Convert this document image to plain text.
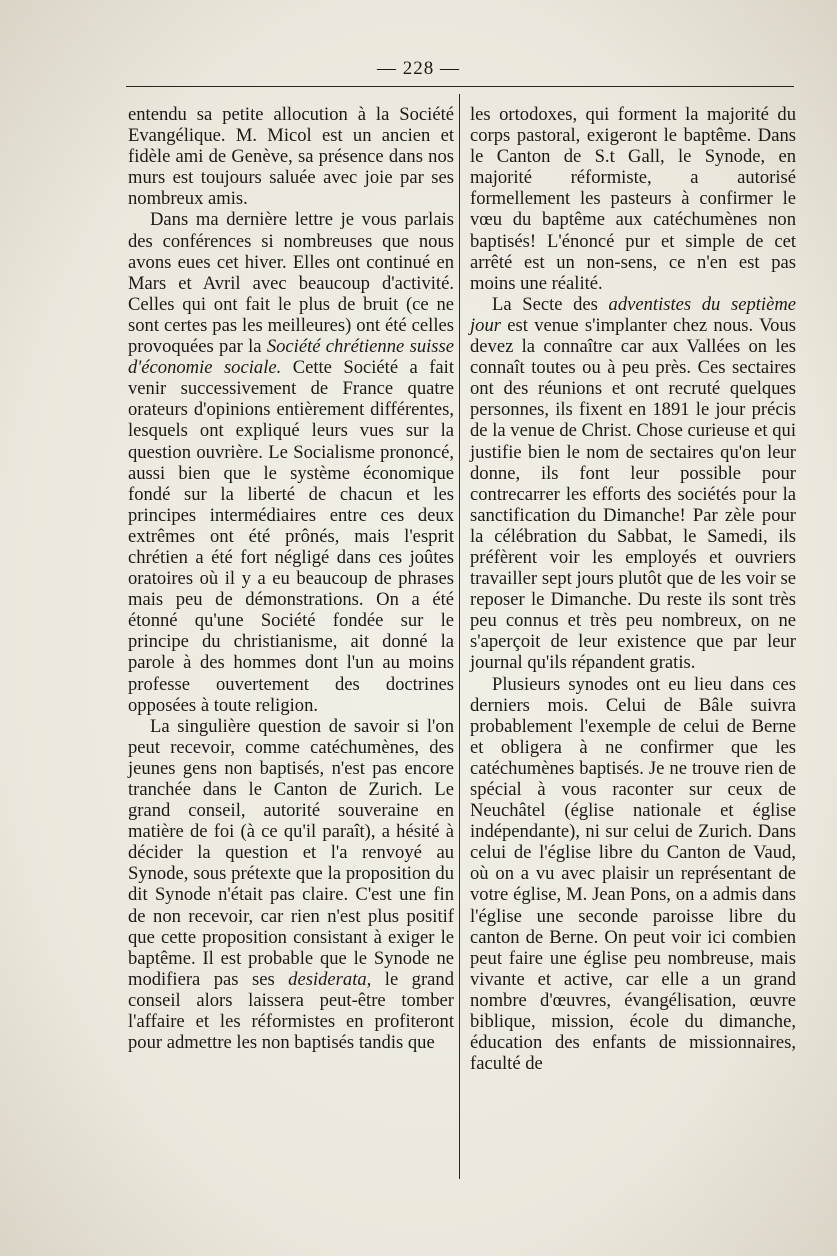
— 228 —

entendu sa petite allocution à la Société Evangélique. M. Micol est un ancien et fidèle ami de Genève, sa présence dans nos murs est toujours saluée avec joie par ses nombreux amis.

Dans ma dernière lettre je vous parlais des conférences si nombreuses que nous avons eues cet hiver. Elles ont continué en Mars et Avril avec beaucoup d'activité. Celles qui ont fait le plus de bruit (ce ne sont certes pas les meilleures) ont été celles provoquées par la Société chrétienne suisse d'économie sociale. Cette Société a fait venir successivement de France quatre orateurs d'opinions entièrement différentes, lesquels ont expliqué leurs vues sur la question ouvrière. Le Socialisme prononcé, aussi bien que le système économique fondé sur la liberté de chacun et les principes intermédiaires entre ces deux extrêmes ont été prônés, mais l'esprit chrétien a été fort négligé dans ces joûtes oratoires où il y a eu beaucoup de phrases mais peu de démonstrations. On a été étonné qu'une Société fondée sur le principe du christianisme, ait donné la parole à des hommes dont l'un au moins professe ouvertement des doctrines opposées à toute religion.

La singulière question de savoir si l'on peut recevoir, comme catéchumènes, des jeunes gens non baptisés, n'est pas encore tranchée dans le Canton de Zurich. Le grand conseil, autorité souveraine en matière de foi (à ce qu'il paraît), a hésité à décider la question et l'a renvoyé au Synode, sous prétexte que la proposition du dit Synode n'était pas claire. C'est une fin de non recevoir, car rien n'est plus positif que cette proposition consistant à exiger le baptême. Il est probable que le Synode ne modifiera pas ses desiderata, le grand conseil alors laissera peut-être tomber l'affaire et les réformistes en profiteront pour admettre les non baptisés tandis que

les ortodoxes, qui forment la majorité du corps pastoral, exigeront le baptême. Dans le Canton de S.t Gall, le Synode, en majorité réformiste, a autorisé formellement les pasteurs à confirmer le vœu du baptême aux catéchumènes non baptisés! L'énoncé pur et simple de cet arrêté est un non-sens, ce n'en est pas moins une réalité.

La Secte des adventistes du septième jour est venue s'implanter chez nous. Vous devez la connaître car aux Vallées on les connaît toutes ou à peu près. Ces sectaires ont des réunions et ont recruté quelques personnes, ils fixent en 1891 le jour précis de la venue de Christ. Chose curieuse et qui justifie bien le nom de sectaires qu'on leur donne, ils font leur possible pour contrecarrer les efforts des sociétés pour la sanctification du Dimanche! Par zèle pour la célébration du Sabbat, le Samedi, ils préfèrent voir les employés et ouvriers travailler sept jours plutôt que de les voir se reposer le Dimanche. Du reste ils sont très peu connus et très peu nombreux, on ne s'aperçoit de leur existence que par leur journal qu'ils répandent gratis.

Plusieurs synodes ont eu lieu dans ces derniers mois. Celui de Bâle suivra probablement l'exemple de celui de Berne et obligera à ne confirmer que les catéchumènes baptisés. Je ne trouve rien de spécial à vous raconter sur ceux de Neuchâtel (église nationale et église indépendante), ni sur celui de Zurich. Dans celui de l'église libre du Canton de Vaud, où on a vu avec plaisir un représentant de votre église, M. Jean Pons, on a admis dans l'église une seconde paroisse libre du canton de Berne. On peut voir ici combien peut faire une église peu nombreuse, mais vivante et active, car elle a un grand nombre d'œuvres, évangélisation, œuvre biblique, mission, école du dimanche, éducation des enfants de missionnaires, faculté de
